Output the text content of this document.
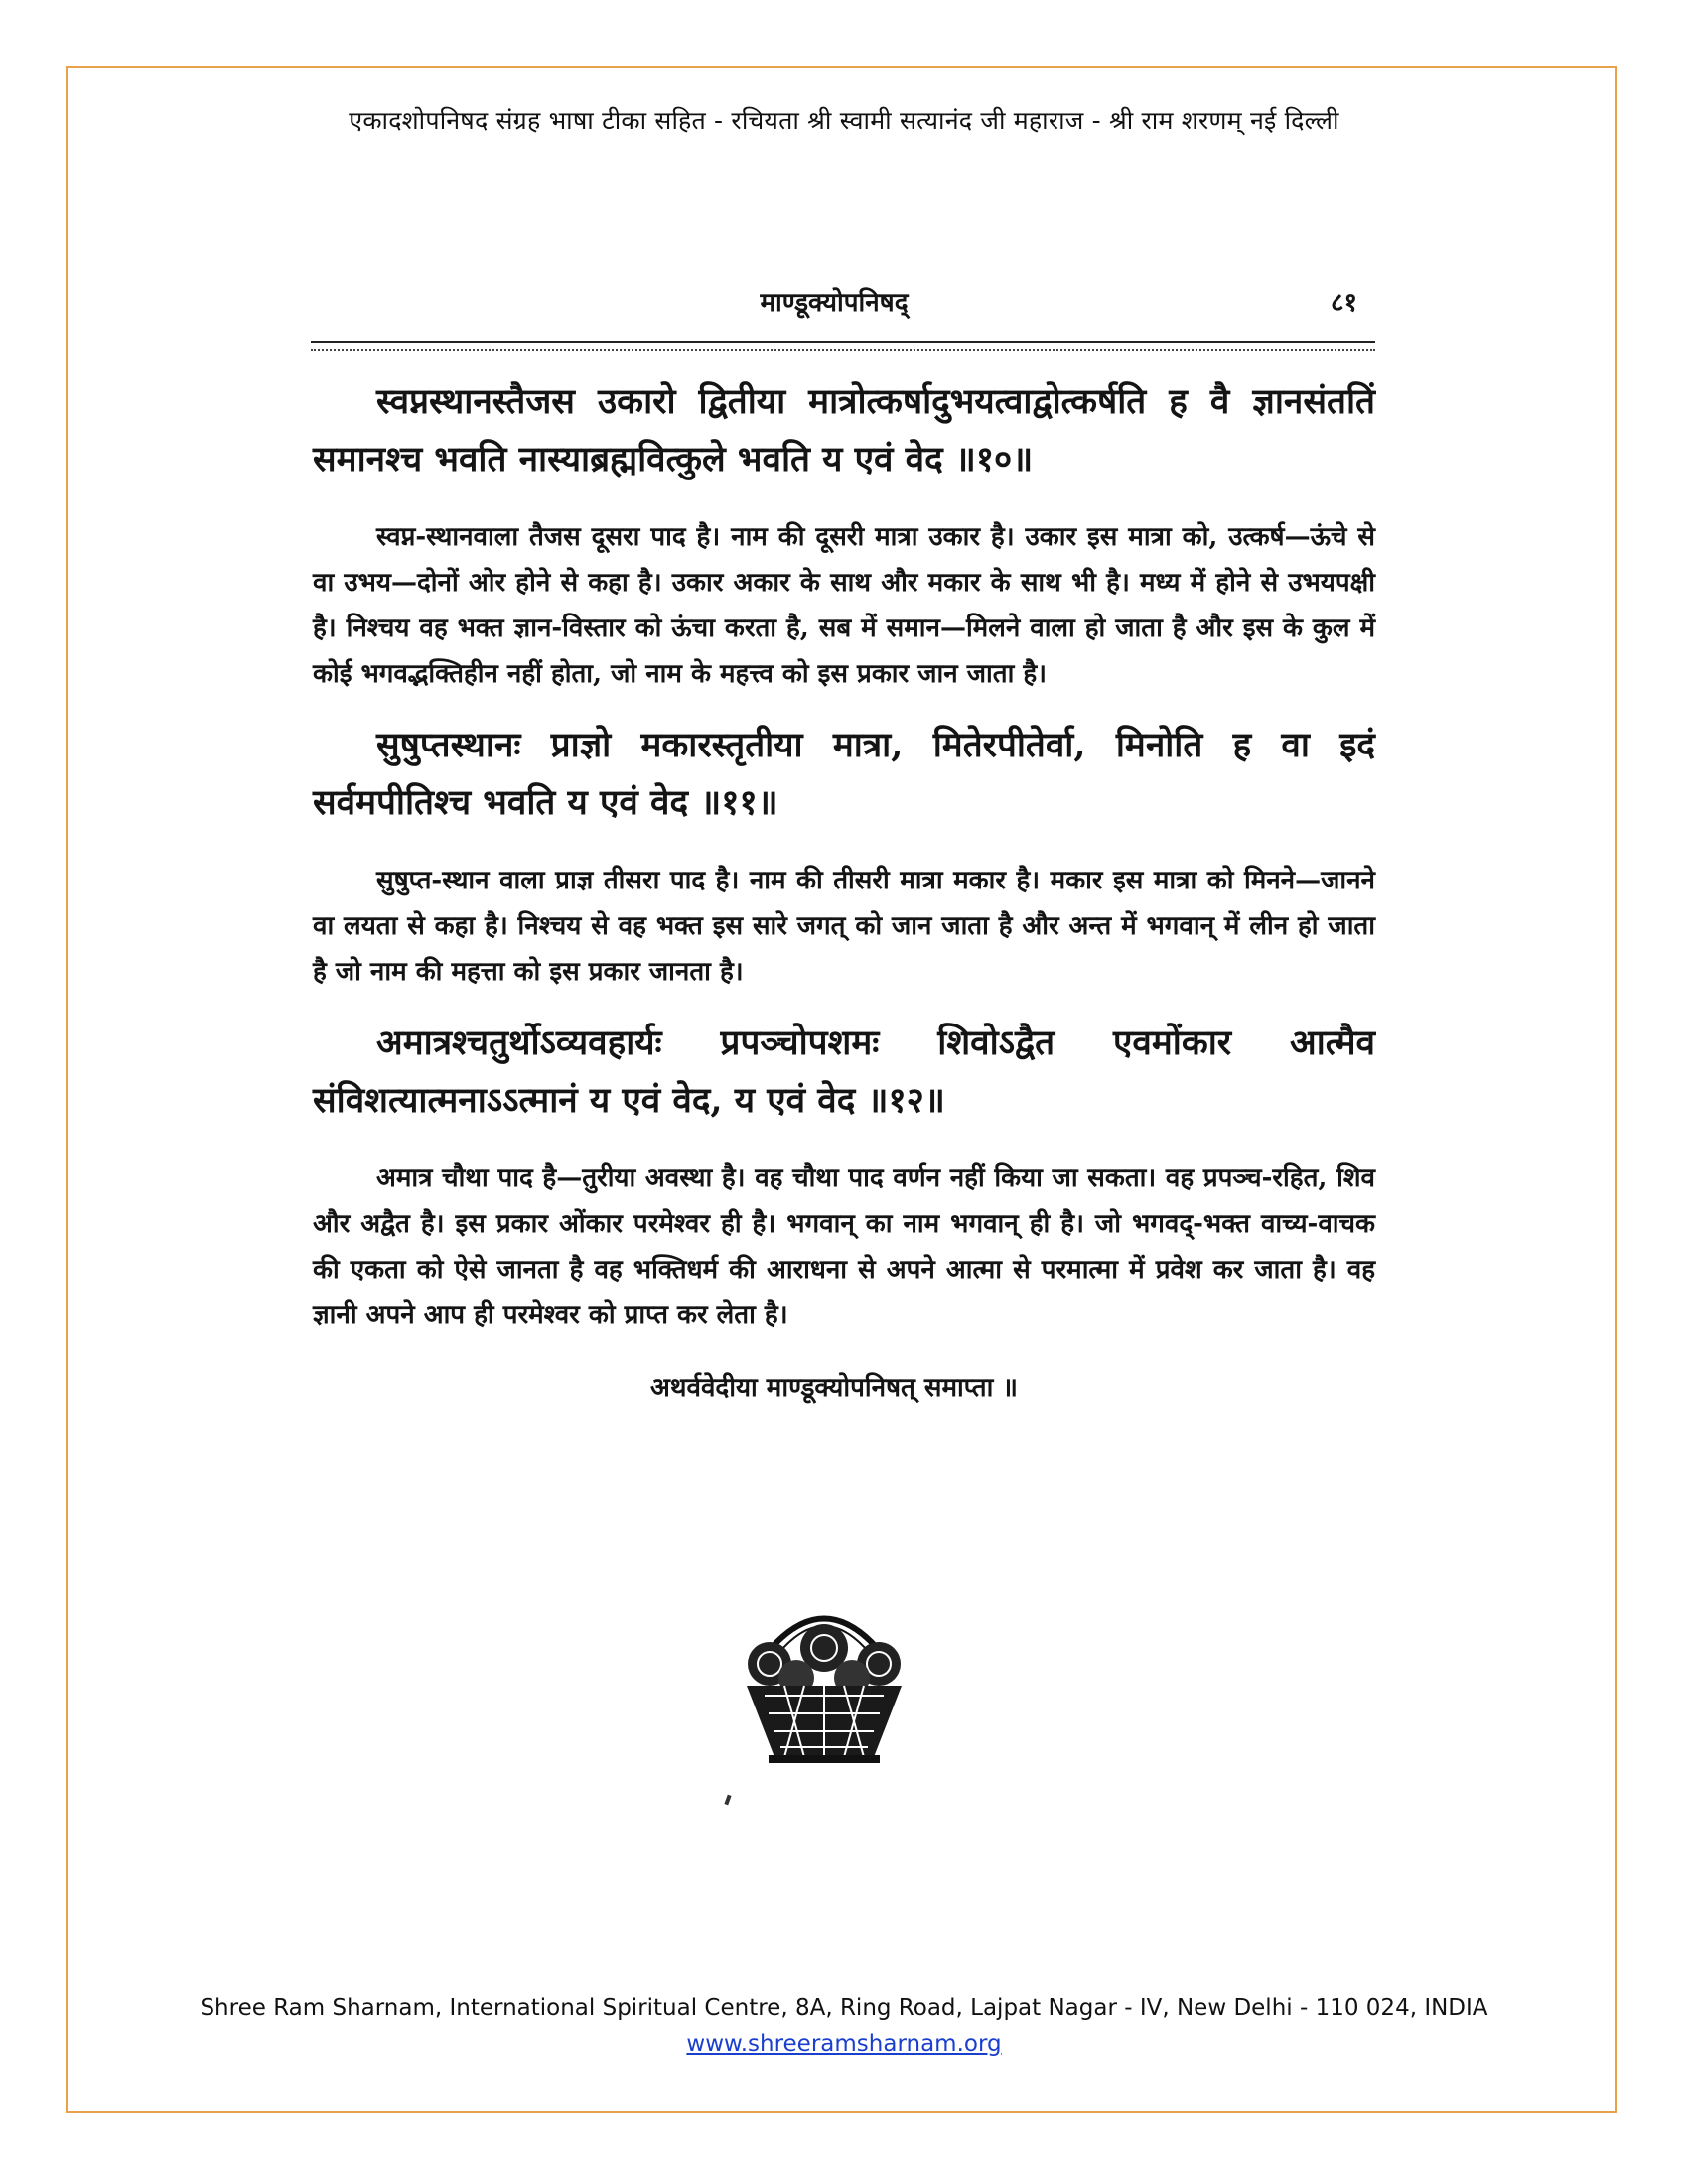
एकादशोपनिषद संग्रह भाषा टीका सहित - रचियता श्री स्वामी सत्यानंद जी महाराज - श्री राम शरणम् नई दिल्ली
माण्डूक्योपनिषद्	८१

स्वप्नस्थानस्तैजस उकारो द्वितीया मात्रोत्कर्षादुभयत्वाद्वोत्कर्षति ह वै ज्ञानसंततिं समानश्च भवति नास्याब्रह्मवित्कुले भवति य एवं वेद ॥१०॥

स्वप्न-स्थानवाला तैजस दूसरा पाद है। नाम की दूसरी मात्रा उकार है। उकार इस मात्रा को, उत्कर्ष—ऊंचे से वा उभय—दोनों ओर होने से कहा है। उकार अकार के साथ और मकार के साथ भी है। मध्य में होने से उभयपक्षी है। निश्चय वह भक्त ज्ञान-विस्तार को ऊंचा करता है, सब में समान—मिलने वाला हो जाता है और इस के कुल में कोई भगवद्भक्तिहीन नहीं होता, जो नाम के महत्त्व को इस प्रकार जान जाता है।

सुषुप्तस्थानः प्राज्ञो मकारस्तृतीया मात्रा, मितेरपीतेर्वा, मिनोति ह वा इदं सर्वमपीतिश्च भवति य एवं वेद ॥११॥

सुषुप्त-स्थान वाला प्राज्ञ तीसरा पाद है। नाम की तीसरी मात्रा मकार है। मकार इस मात्रा को मिनने—जानने वा लयता से कहा है। निश्चय से वह भक्त इस सारे जगत् को जान जाता है और अन्त में भगवान् में लीन हो जाता है जो नाम की महत्ता को इस प्रकार जानता है।

अमात्रश्चतुर्थोऽव्यवहार्यः प्रपञ्चोपशमः शिवोऽद्वैत एवमोंकार आत्मैव संविशत्यात्मनाऽऽत्मानं य एवं वेद, य एवं वेद ॥१२॥

अमात्र चौथा पाद है—तुरीया अवस्था है। वह चौथा पाद वर्णन नहीं किया जा सकता। वह प्रपञ्च-रहित, शिव और अद्वैत है। इस प्रकार ओंकार परमेश्वर ही है। भगवान् का नाम भगवान् ही है। जो भगवद्-भक्त वाच्य-वाचक की एकता को ऐसे जानता है वह भक्तिधर्म की आराधना से अपने आत्मा से परमात्मा में प्रवेश कर जाता है। वह ज्ञानी अपने आप ही परमेश्वर को प्राप्त कर लेता है।

अथर्ववेदीया माण्डूक्योपनिषत् समाप्ता ॥
Shree Ram Sharnam, International Spiritual Centre, 8A, Ring Road, Lajpat Nagar - IV, New Delhi - 110 024, INDIA
www.shreeramsharnam.org
